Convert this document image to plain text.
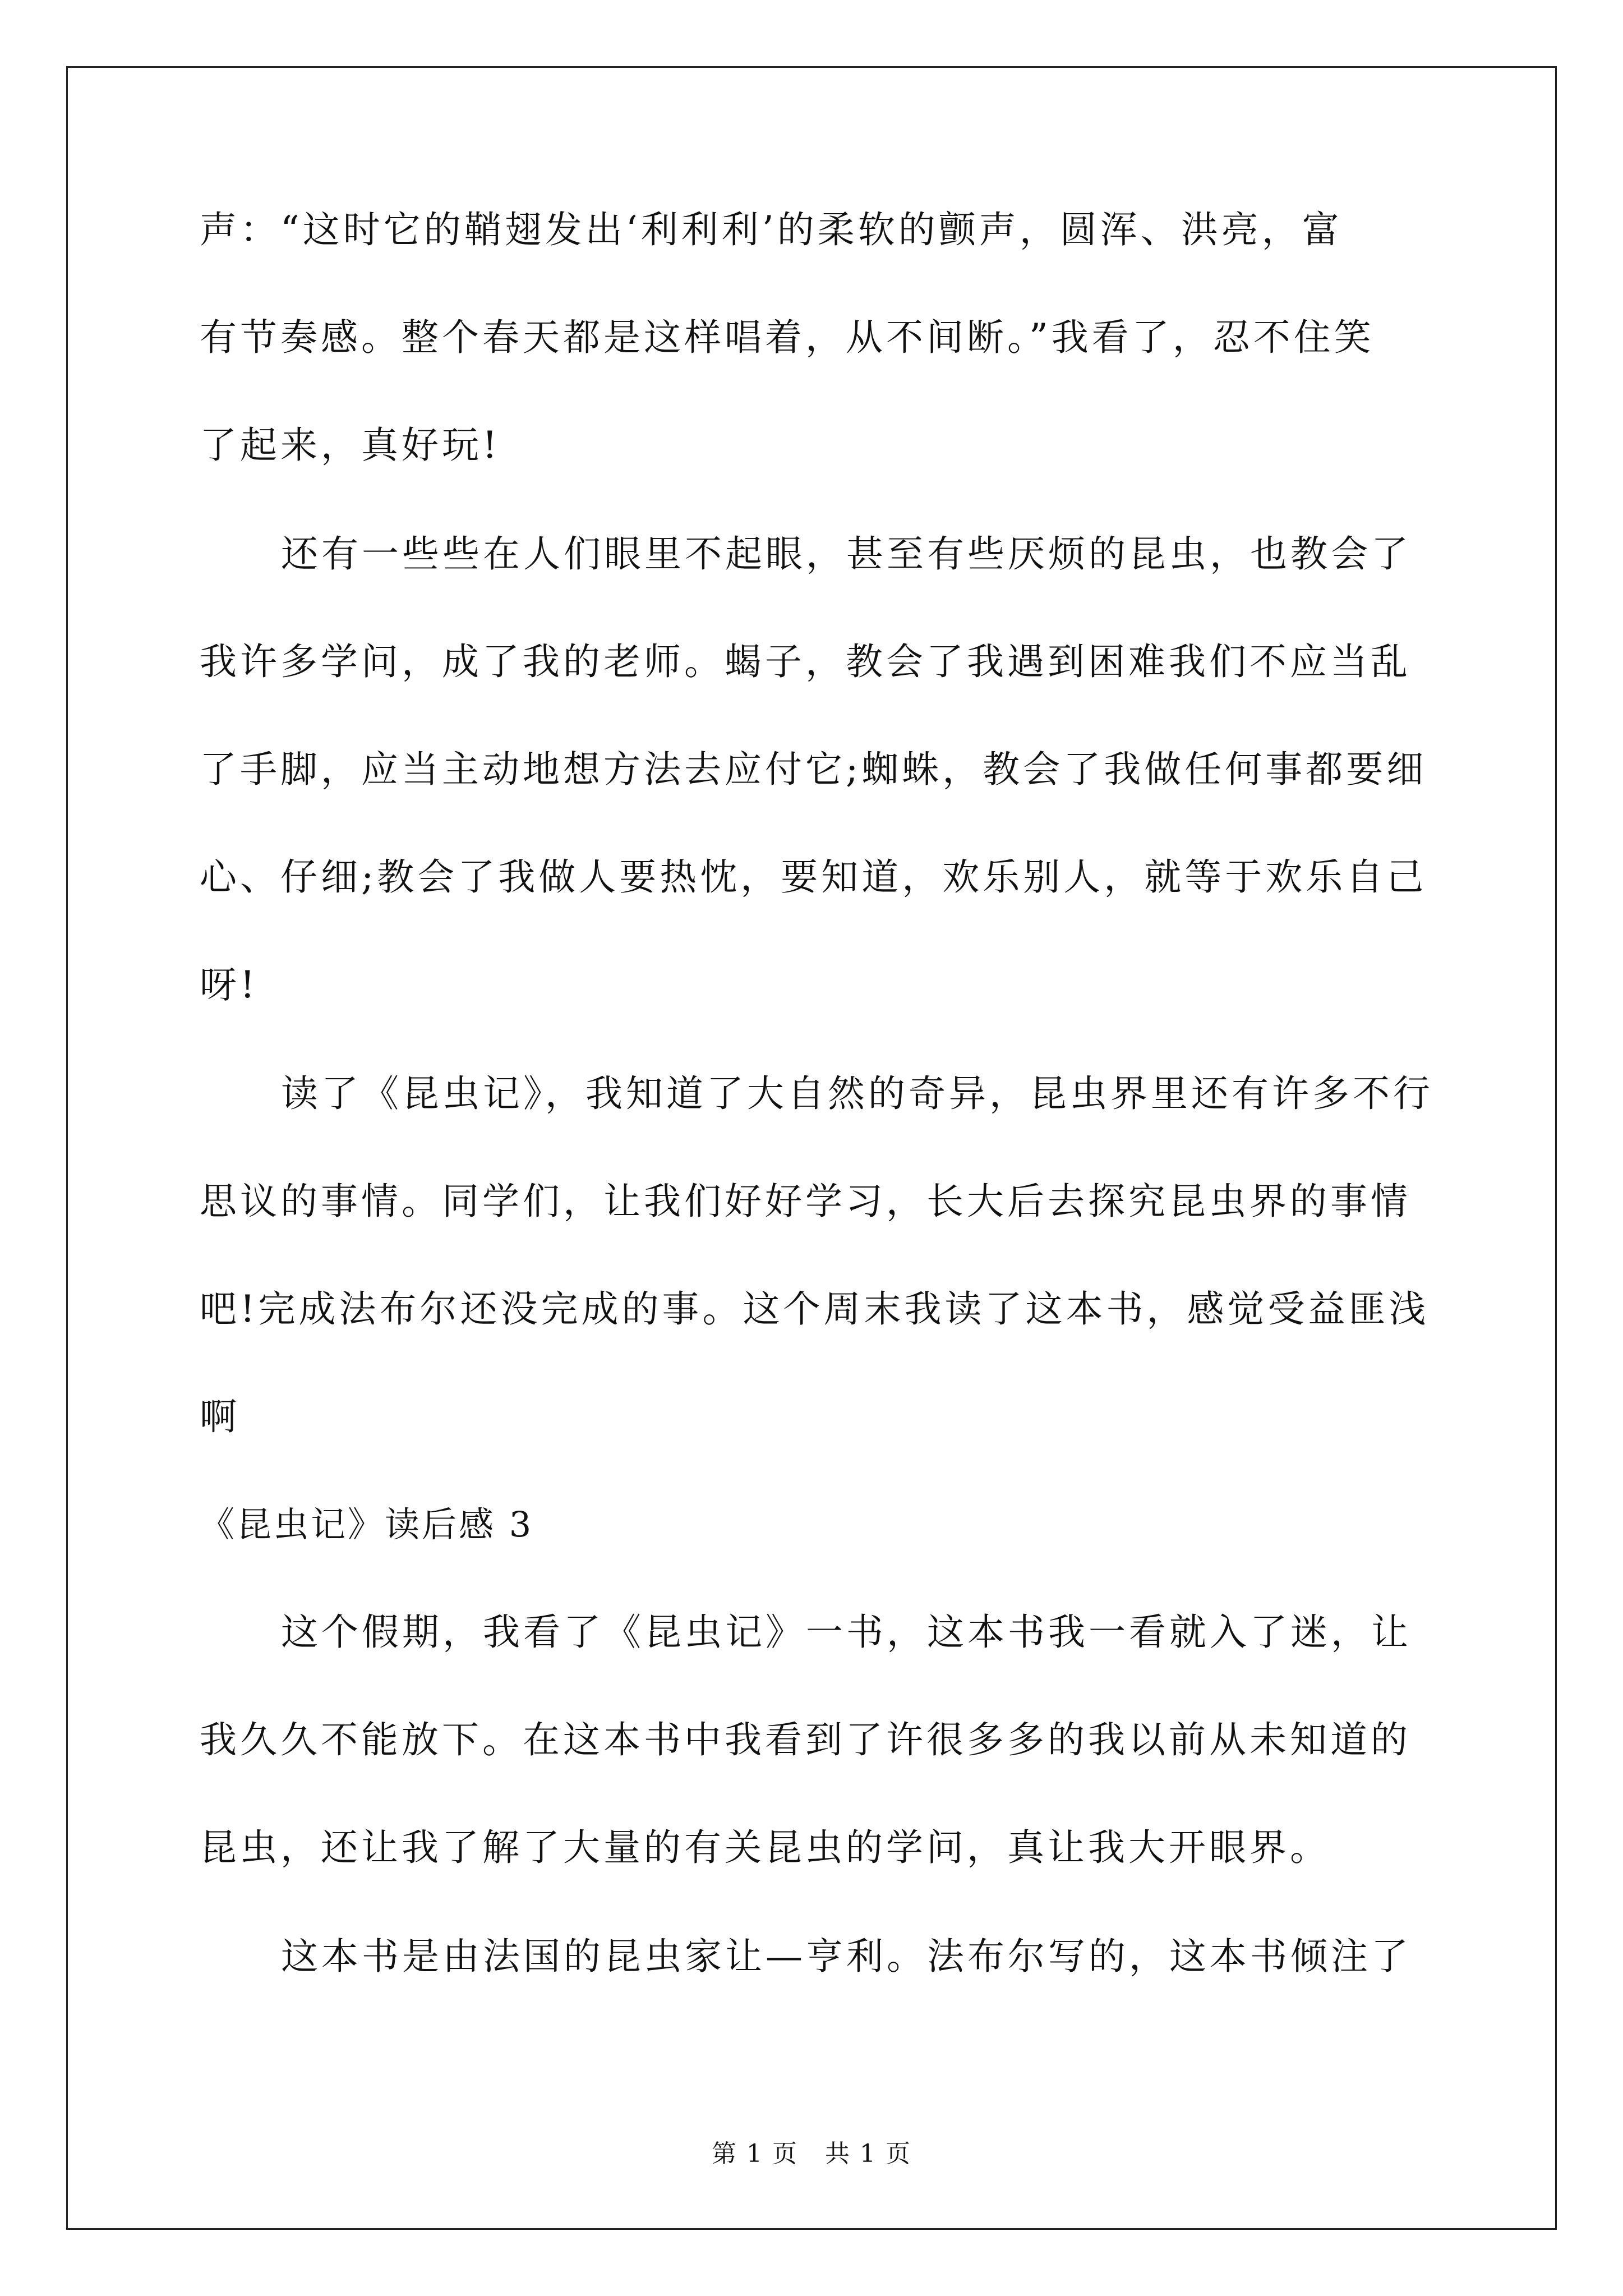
声：“这时它的鞘翅发出‘利利利’的柔软的颤声，圆浑、洪亮，富
有节奏感。整个春天都是这样唱着，从不间断。”我看了，忍不住笑
了起来，真好玩!
还有一些些在人们眼里不起眼，甚至有些厌烦的昆虫，也教会了
我许多学问，成了我的老师。蝎子，教会了我遇到困难我们不应当乱
了手脚，应当主动地想方法去应付它;蜘蛛，教会了我做任何事都要细
心、仔细;教会了我做人要热忱，要知道，欢乐别人，就等于欢乐自己
呀!
读了《昆虫记》，我知道了大自然的奇异，昆虫界里还有许多不行
思议的事情。同学们，让我们好好学习，长大后去探究昆虫界的事情
吧!完成法布尔还没完成的事。这个周末我读了这本书，感觉受益匪浅
啊
《昆虫记》读后感 3
这个假期，我看了《昆虫记》一书，这本书我一看就入了迷，让
我久久不能放下。在这本书中我看到了许很多多的我以前从未知道的
昆虫，还让我了解了大量的有关昆虫的学问，真让我大开眼界。
这本书是由法国的昆虫家让—亨利。法布尔写的，这本书倾注了
第 1 页   共 1 页
